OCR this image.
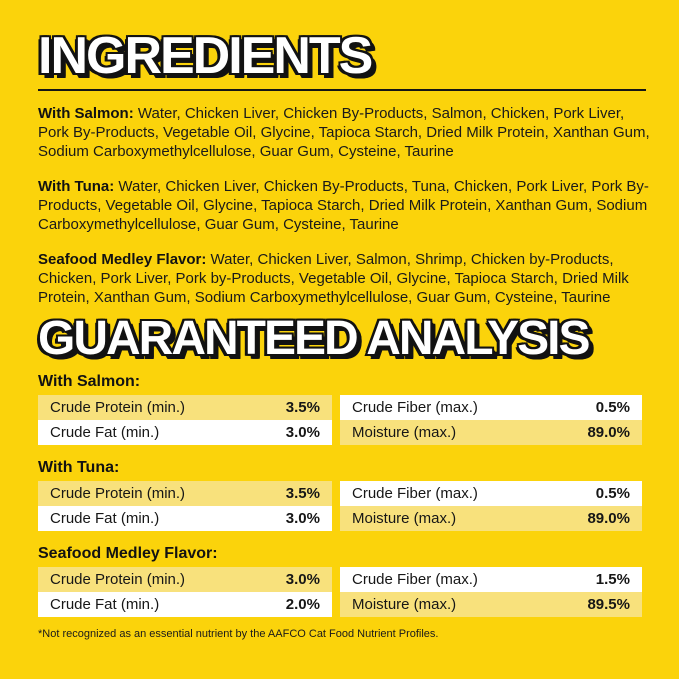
INGREDIENTS

With Salmon: Water, Chicken Liver, Chicken By-Products, Salmon, Chicken, Pork Liver, Pork By-Products, Vegetable Oil, Glycine, Tapioca Starch, Dried Milk Protein, Xanthan Gum, Sodium Carboxymethylcellulose, Guar Gum, Cysteine, Taurine

With Tuna: Water, Chicken Liver, Chicken By-Products, Tuna, Chicken, Pork Liver, Pork By-Products, Vegetable Oil, Glycine, Tapioca Starch, Dried Milk Protein, Xanthan Gum, Sodium Carboxymethylcellulose, Guar Gum, Cysteine, Taurine

Seafood Medley Flavor: Water, Chicken Liver, Salmon, Shrimp, Chicken by-Products, Chicken, Pork Liver, Pork by-Products, Vegetable Oil, Glycine, Tapioca Starch, Dried Milk Protein, Xanthan Gum, Sodium Carboxymethylcellulose, Guar Gum, Cysteine, Taurine

GUARANTEED ANALYSIS
With Salmon:
Crude Protein (min.)	3.5% Crude Fiber (max.)	0.5%
Crude Fat (min.)	3.0% Moisture (max.)	89.0%
With Tuna:
Crude Protein (min.)	3.5% Crude Fiber (max.)	0.5%
Crude Fat (min.)	3.0% Moisture (max.)	89.0%
Seafood Medley Flavor:
Crude Protein (min.)	3.0% Crude Fiber (max.)	1.5%
Crude Fat (min.)	2.0% Moisture (max.)	89.5%
*Not recognized as an essential nutrient by the AAFCO Cat Food Nutrient Profiles.
